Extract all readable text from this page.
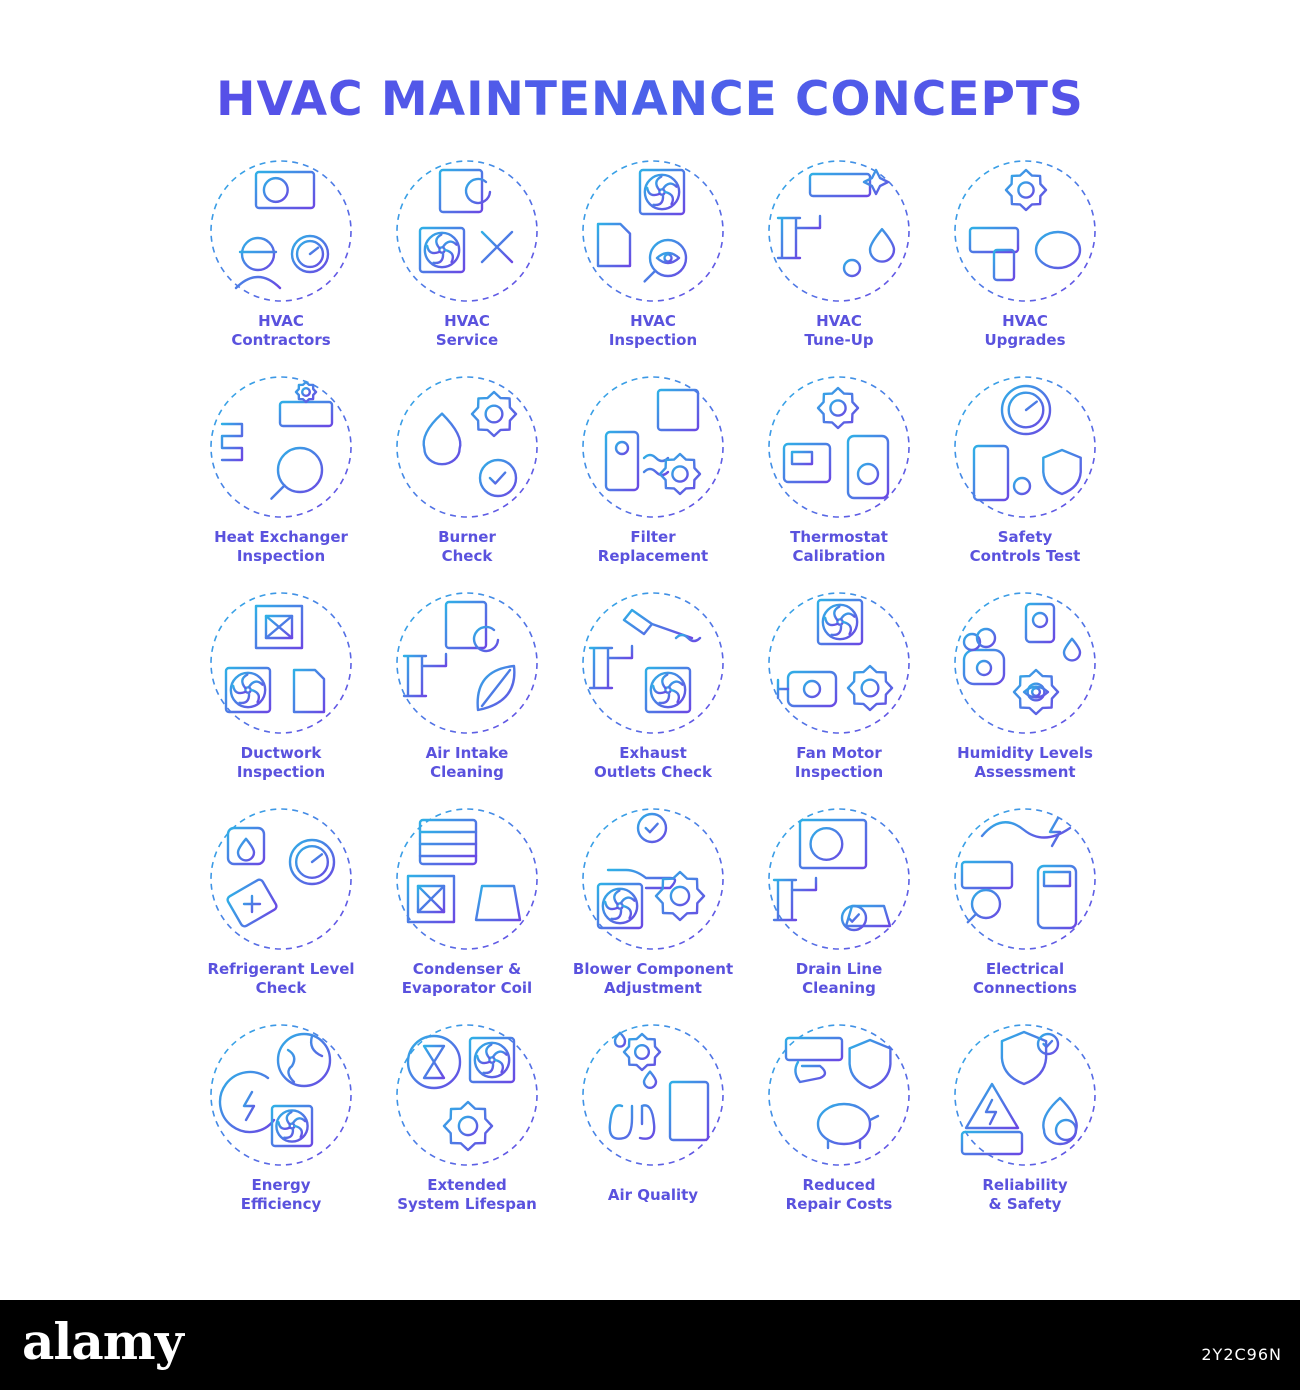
HVAC MAINTENANCE CONCEPTS
HVAC
Contractors
HVAC
Service
HVAC
Inspection
HVAC
Tune-Up
HVAC
Upgrades
Heat Exchanger
Inspection
Burner
Check
Filter
Replacement
Thermostat
Calibration
Safety
Controls Test
Ductwork
Inspection
Air Intake
Cleaning
Exhaust
Outlets Check
Fan Motor
Inspection
Humidity Levels
Assessment
Refrigerant Level
Check
Condenser &
Evaporator Coil
Blower Component
Adjustment
Drain Line
Cleaning
Electrical
Connections
Energy
Efficiency
Extended
System Lifespan	Air Quality
Reduced
Repair Costs
Reliability
& Safety
alamy	2Y2C96N
